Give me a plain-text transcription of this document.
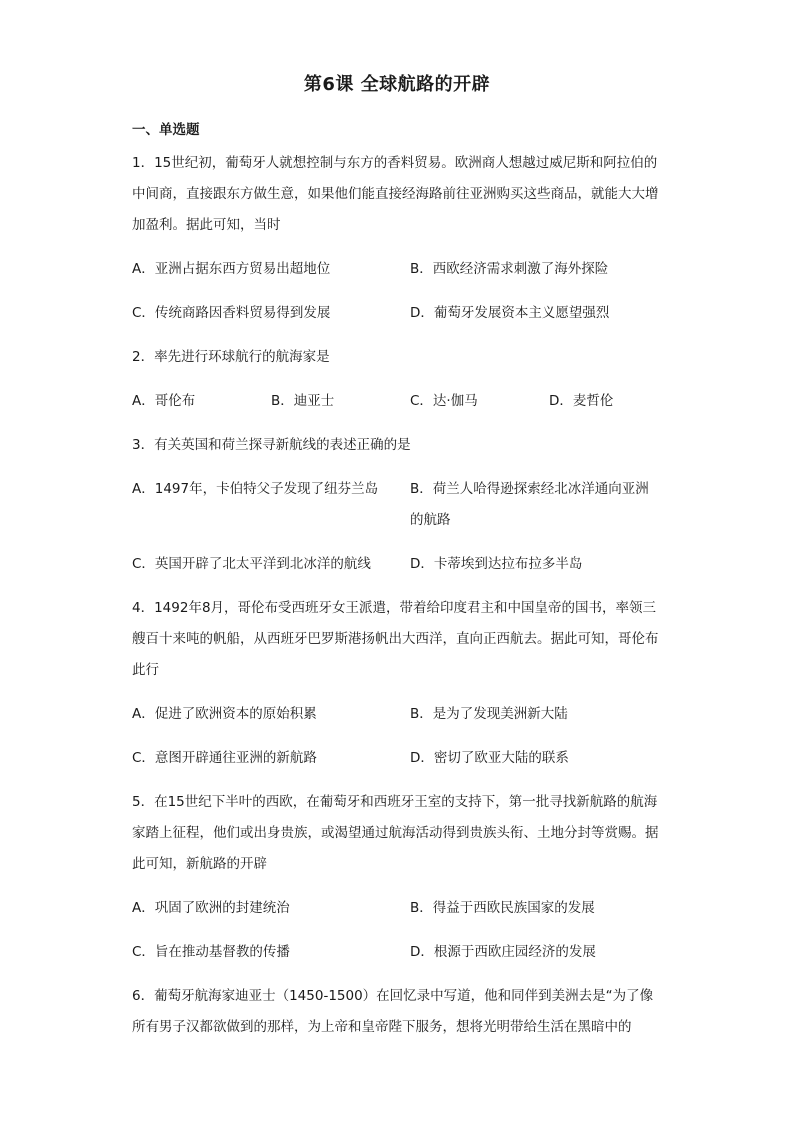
第6课 全球航路的开辟
一、单选题

1．15世纪初，葡萄牙人就想控制与东方的香料贸易。欧洲商人想越过威尼斯和阿拉伯的中间商，直接跟东方做生意，如果他们能直接经海路前往亚洲购买这些商品，就能大大增加盈利。据此可知，当时

A．亚洲占据东西方贸易出超地位	B．西欧经济需求刺激了海外探险
C．传统商路因香料贸易得到发展	D．葡萄牙发展资本主义愿望强烈

2．率先进行环球航行的航海家是

A．哥伦布	B．迪亚士	C．达·伽马	D．麦哲伦

3．有关英国和荷兰探寻新航线的表述正确的是

A．1497年，卡伯特父子发现了纽芬兰岛	B．荷兰人哈得逊探索经北冰洋通向亚洲的航路
C．英国开辟了北太平洋到北冰洋的航线	D．卡蒂埃到达拉布拉多半岛

4．1492年8月，哥伦布受西班牙女王派遣，带着给印度君主和中国皇帝的国书，率领三艘百十来吨的帆船，从西班牙巴罗斯港扬帆出大西洋，直向正西航去。据此可知，哥伦布此行

A．促进了欧洲资本的原始积累	B．是为了发现美洲新大陆
C．意图开辟通往亚洲的新航路	D．密切了欧亚大陆的联系

5．在15世纪下半叶的西欧，在葡萄牙和西班牙王室的支持下，第一批寻找新航路的航海家踏上征程，他们或出身贵族，或渴望通过航海活动得到贵族头衔、土地分封等赏赐。据此可知，新航路的开辟

A．巩固了欧洲的封建统治	B．得益于西欧民族国家的发展
C．旨在推动基督教的传播	D．根源于西欧庄园经济的发展

6．葡萄牙航海家迪亚士（1450-1500）在回忆录中写道，他和同伴到美洲去是“为了像所有男子汉都欲做到的那样，为上帝和皇帝陛下服务，想将光明带给生活在黑暗中的
